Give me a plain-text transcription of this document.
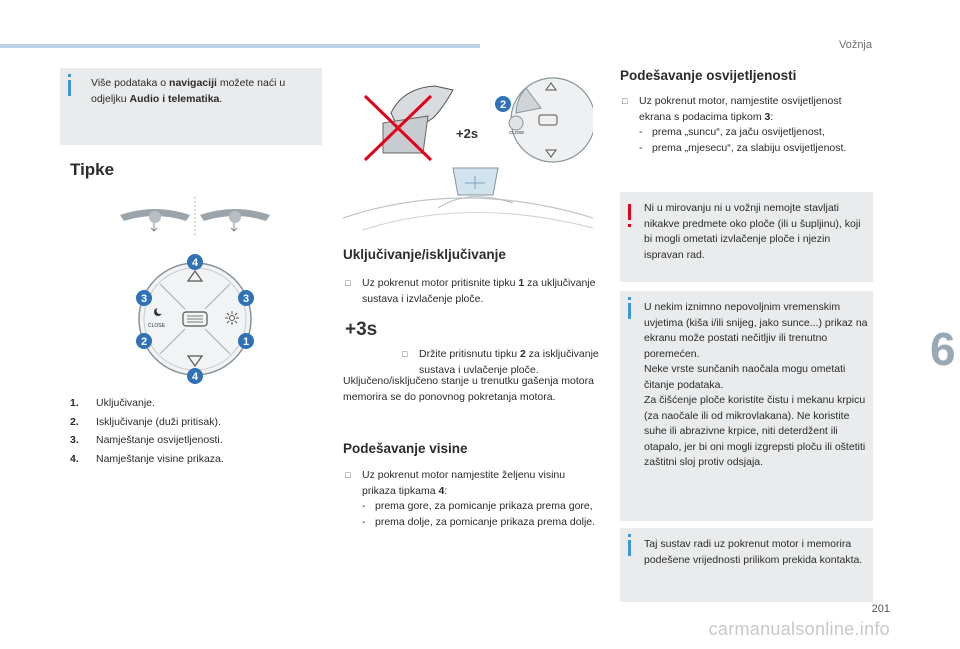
Vožnja
6
201
carmanualsonline.info

Više podataka o navigaciji možete naći u odjeljku Audio i telematika.

Tipke
CLOSE
4
3	3
2	1
4
1. Uključivanje.
2. Isključivanje (duži pritisak).
3. Namještanje osvijetljenosti.
4. Namještanje visine prikaza.
+2s	CLOSE
2
Uključivanje/isključivanje
□ Uz pokrenut motor pritisnite tipku 1 za uključivanje sustava i izvlačenje ploče.
+3s
□ Držite pritisnutu tipku 2 za isključivanje sustava i uvlačenje ploče.

Uključeno/isključeno stanje u trenutku gašenja motora memorira se do ponovnog pokretanja motora.

Podešavanje visine
□ Uz pokrenut motor namjestite željenu visinu prikaza tipkama 4:
- prema gore, za pomicanje prikaza prema gore,
- prema dolje, za pomicanje prikaza prema dolje.
Podešavanje osvijetljenosti
□ Uz pokrenut motor, namjestite osvijetljenost ekrana s podacima tipkom 3:
- prema „suncu“, za jaču osvijetljenost,
- prema „mjesecu“, za slabiju osvijetljenost.

Ni u mirovanju ni u vožnji nemojte stavljati nikakve predmete oko ploče (ili u šupljinu), koji bi mogli ometati izvlačenje ploče i njezin ispravan rad.

U nekim iznimno nepovoljnim vremenskim uvjetima (kiša i/ili snijeg, jako sunce...) prikaz na ekranu može postati nečitljiv ili trenutno poremećen.

Neke vrste sunčanih naočala mogu ometati čitanje podataka.

Za čišćenje ploče koristite čistu i mekanu krpicu (za naočale ili od mikrovlakana). Ne koristite suhe ili abrazivne krpice, niti deterdžent ili otapalo, jer bi oni mogli izgrepsti ploču ili oštetiti zaštitni sloj protiv odsjaja.

Taj sustav radi uz pokrenut motor i memorira podešene vrijednosti prilikom prekida kontakta.
